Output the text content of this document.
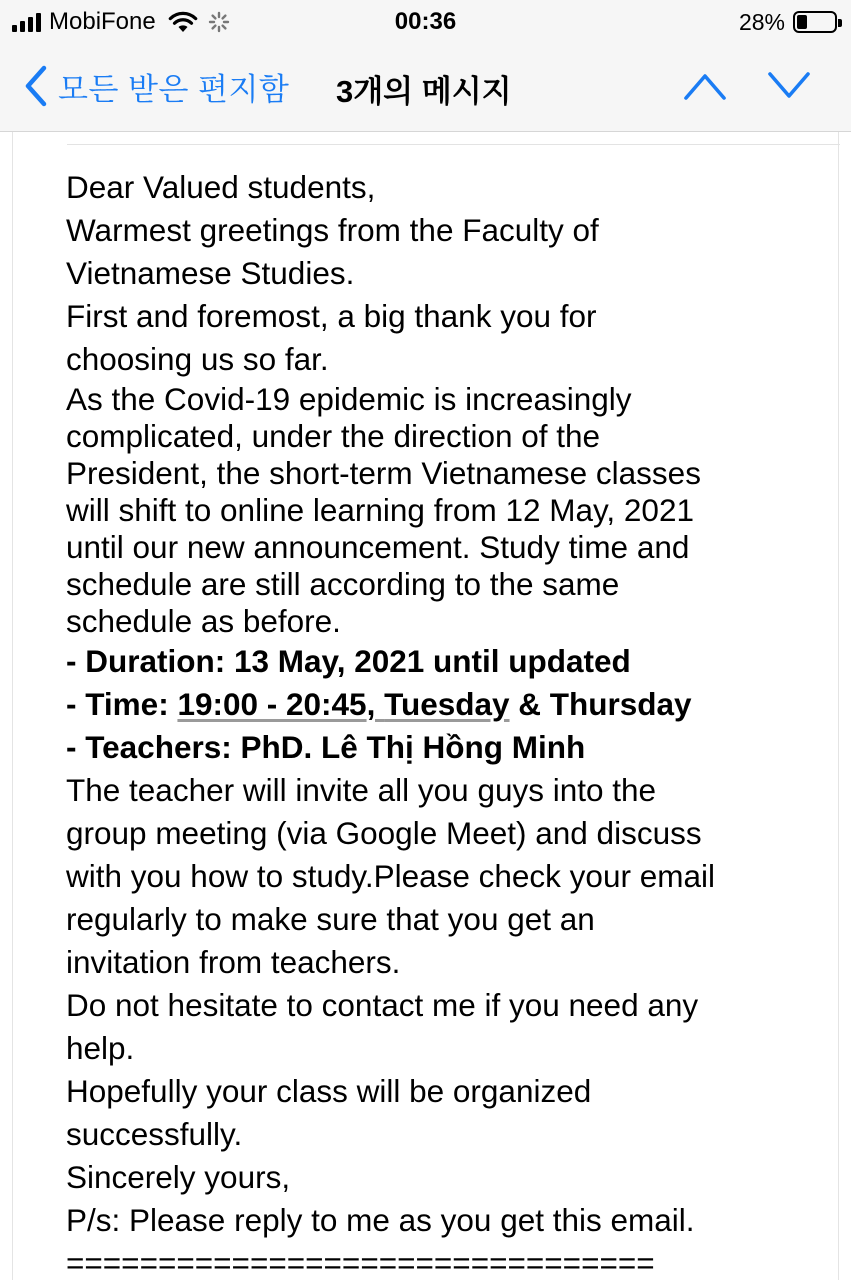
MobiFone	00:36	28%
모든 받은 편지함 3개의 메시지
Dear Valued students,
Warmest greetings from the Faculty of
Vietnamese Studies.
First and foremost, a big thank you for
choosing us so far.
As the Covid-19 epidemic is increasingly
complicated, under the direction of the
President, the short-term Vietnamese classes
will shift to online learning from 12 May, 2021
until our new announcement. Study time and
schedule are still according to the same
schedule as before.
- Duration: 13 May, 2021 until updated
- Time: 19:00 - 20:45, Tuesday & Thursday
- Teachers: PhD. Lê Thị Hồng Minh
The teacher will invite all you guys into the
group meeting (via Google Meet) and discuss
with you how to study.Please check your email
regularly to make sure that you get an
invitation from teachers.
Do not hesitate to contact me if you need any
help.
Hopefully your class will be organized
successfully.
Sincerely yours,
P/s: Please reply to me as you get this email.
================================
